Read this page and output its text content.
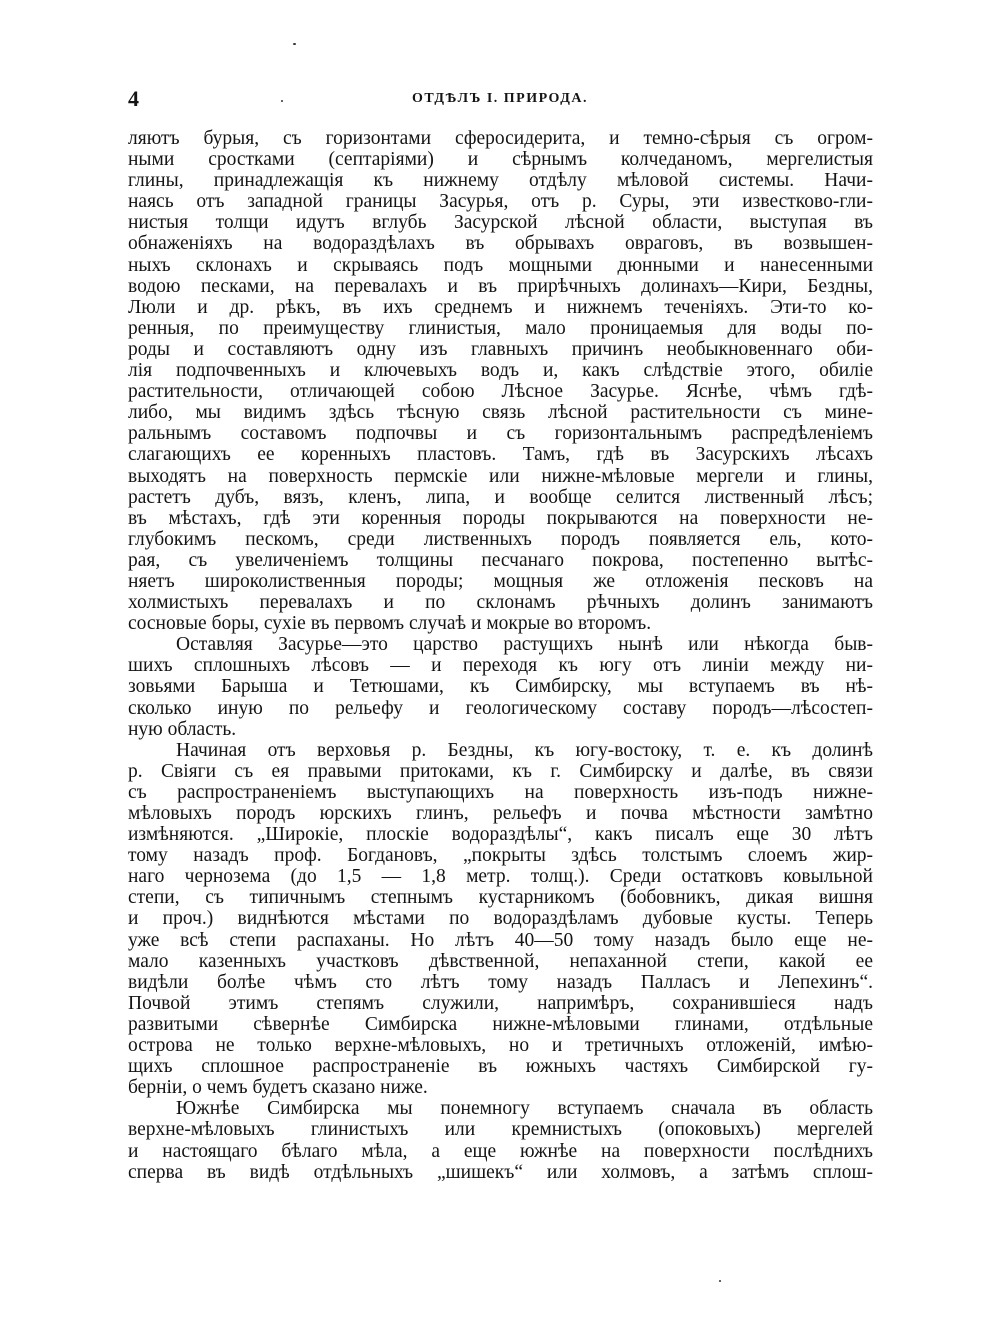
4	ОТДѢЛЪ I. ПРИРОДА.
ляютъ бурыя, съ горизонтами сферосидерита, и темно-сѣрыя съ огром-
ными сростками (септаріями) и сѣрнымъ колчеданомъ, мергелистыя
глины, принадлежащія къ нижнему отдѣлу мѣловой системы. Начи-
наясь отъ западной границы Засурья, отъ р. Суры, эти известково-гли-
нистыя толщи идутъ вглубь Засурской лѣсной области, выступая въ
обнаженіяхъ на водораздѣлахъ въ обрывахъ овраговъ, въ возвышен-
ныхъ склонахъ и скрываясь подъ мощными дюнными и нанесенными
водою песками, на перевалахъ и въ прирѣчныхъ долинахъ—Кири, Бездны,
Люли и др. рѣкъ, въ ихъ среднемъ и нижнемъ теченіяхъ. Эти-то ко-
ренныя, по преимуществу глинистыя, мало проницаемыя для воды по-
роды и составляютъ одну изъ главныхъ причинъ необыкновеннаго оби-
лія подпочвенныхъ и ключевыхъ водъ и, какъ слѣдствіе этого, обиліе
растительности, отличающей собою Лѣсное Засурье. Яснѣе, чѣмъ гдѣ-
либо, мы видимъ здѣсь тѣсную связь лѣсной растительности съ мине-
ральнымъ составомъ подпочвы и съ горизонтальнымъ распредѣленіемъ
слагающихъ ее коренныхъ пластовъ. Тамъ, гдѣ въ Засурскихъ лѣсахъ
выходятъ на поверхность пермскіе или нижне-мѣловые мергели и глины,
растетъ дубъ, вязъ, кленъ, липа, и вообще селится лиственный лѣсъ;
въ мѣстахъ, гдѣ эти коренныя породы покрываются на поверхности не-
глубокимъ пескомъ, среди лиственныхъ породъ появляется ель, кото-
рая, съ увеличеніемъ толщины песчанаго покрова, постепенно вытѣс-
няетъ широколиственныя породы; мощныя же отложенія песковъ на
холмистыхъ перевалахъ и по склонамъ рѣчныхъ долинъ занимаютъ
сосновые боры, сухіе въ первомъ случаѣ и мокрые во второмъ.
Оставляя Засурье—это царство растущихъ нынѣ или нѣкогда быв-
шихъ сплошныхъ лѣсовъ — и переходя къ югу отъ линіи между ни-
зовьями Барыша и Тетюшами, къ Симбирску, мы вступаемъ въ нѣ-
сколько иную по рельефу и геологическому составу породъ—лѣсостеп-
ную область.
Начиная отъ верховья р. Бездны, къ югу-востоку, т. е. къ долинѣ
р. Свіяги съ ея правыми притоками, къ г. Симбирску и далѣе, въ связи
съ распространеніемъ выступающихъ на поверхность изъ-подъ нижне-
мѣловыхъ породъ юрскихъ глинъ, рельефъ и почва мѣстности замѣтно
измѣняются. „Широкіе, плоскіе водораздѣлы“, какъ писалъ еще 30 лѣтъ
тому назадъ проф. Богдановъ, „покрыты здѣсь толстымъ слоемъ жир-
наго чернозема (до 1,5 — 1,8 метр. толщ.). Среди остатковъ ковыльной
степи, съ типичнымъ степнымъ кустарникомъ (бобовникъ, дикая вишня
и проч.) виднѣются мѣстами по водораздѣламъ дубовые кусты. Теперь
уже всѣ степи распаханы. Но лѣтъ 40—50 тому назадъ было еще не-
мало казенныхъ участковъ дѣвственной, непаханной степи, какой ее
видѣли болѣе чѣмъ сто лѣтъ тому назадъ Палласъ и Лепехинъ“.
Почвой этимъ степямъ служили, напримѣръ, сохранившіеся надъ
развитыми сѣвернѣе Симбирска нижне-мѣловыми глинами, отдѣльные
острова не только верхне-мѣловыхъ, но и третичныхъ отложеній, имѣю-
щихъ сплошное распространеніе въ южныхъ частяхъ Симбирской гу-
берніи, о чемъ будетъ сказано ниже.
Южнѣе Симбирска мы понемногу вступаемъ сначала въ область
верхне-мѣловыхъ глинистыхъ или кремнистыхъ (опоковыхъ) мергелей
и настоящаго бѣлаго мѣла, а еще южнѣе на поверхности послѣднихъ
сперва въ видѣ отдѣльныхъ „шишекъ“ или холмовъ, а затѣмъ сплош-
